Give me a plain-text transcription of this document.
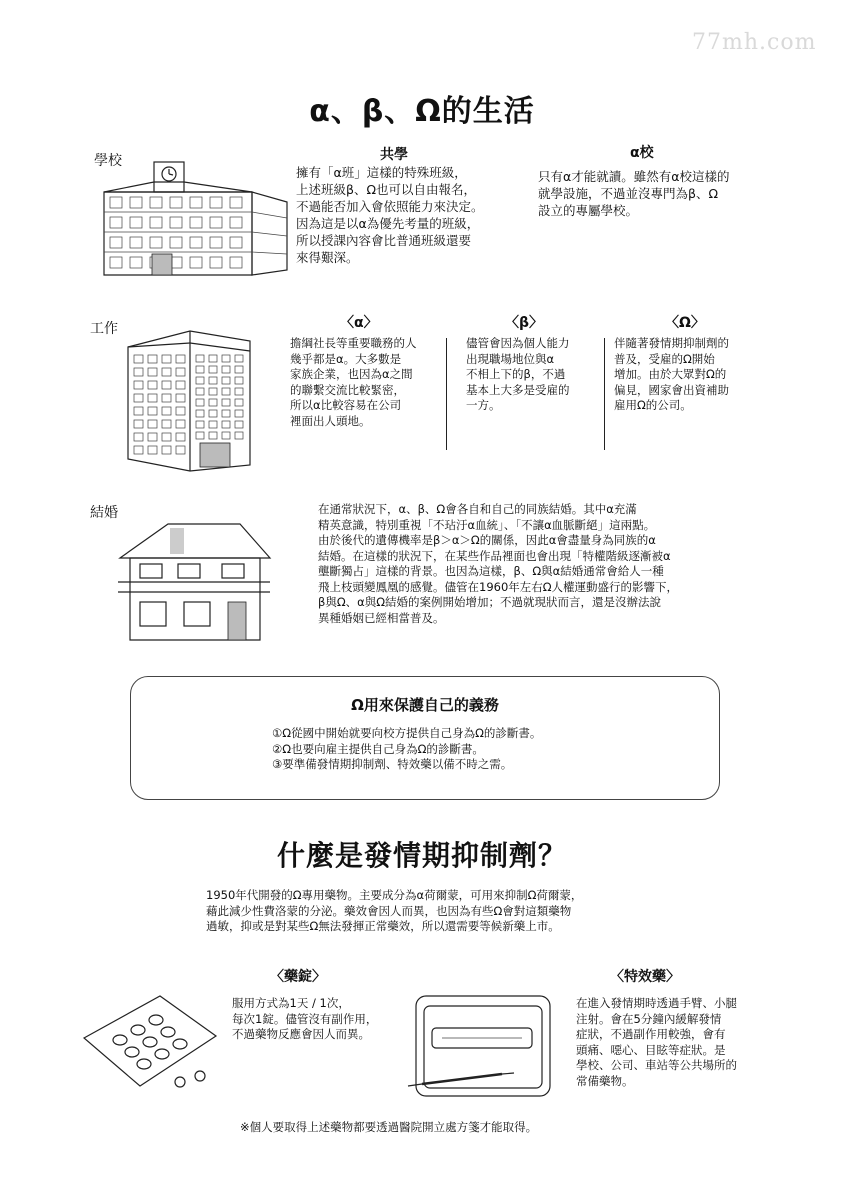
77mh.com
α、β、Ω的生活
學校	共學
擁有「α班」這樣的特殊班級，
上述班級β、Ω也可以自由報名，
不過能否加入會依照能力來決定。
因為這是以α為優先考量的班級，
所以授課內容會比普通班級還要
來得艱深。
α校
只有α才能就讀。雖然有α校這樣的
就學設施，不過並沒專門為β、Ω
設立的專屬學校。
工作	〈α〉
擔綱社長等重要職務的人
幾乎都是α。大多數是
家族企業，也因為α之間
的聯繫交流比較緊密，
所以α比較容易在公司
裡面出人頭地。
〈β〉
儘管會因為個人能力
出現職場地位與α
不相上下的β，不過
基本上大多是受雇的
一方。
〈Ω〉
伴隨著發情期抑制劑的
普及，受雇的Ω開始
增加。由於大眾對Ω的
偏見，國家會出資補助
雇用Ω的公司。
結婚	在通常狀況下，α、β、Ω會各自和自己的同族結婚。其中α充滿
精英意識，特別重視「不玷汙α血統」、「不讓α血脈斷絕」這兩點。
由於後代的遺傳機率是β＞α＞Ω的關係，因此α會盡量身為同族的α
結婚。在這樣的狀況下，在某些作品裡面也會出現「特權階級逐漸被α
壟斷獨占」這樣的背景。也因為這樣，β、Ω與α結婚通常會給人一種
飛上枝頭變鳳凰的感覺。儘管在1960年左右Ω人權運動盛行的影響下，
β與Ω、α與Ω結婚的案例開始增加；不過就現狀而言，還是沒辦法說
異種婚姻已經相當普及。
Ω用來保護自己的義務
①Ω從國中開始就要向校方提供自己身為Ω的診斷書。
②Ω也要向雇主提供自己身為Ω的診斷書。
③要準備發情期抑制劑、特效藥以備不時之需。
什麼是發情期抑制劑？
1950年代開發的Ω專用藥物。主要成分為α荷爾蒙，可用來抑制Ω荷爾蒙，
藉此減少性費洛蒙的分泌。藥效會因人而異，也因為有些Ω會對這類藥物
過敏，抑或是對某些Ω無法發揮正常藥效，所以還需要等候新藥上市。
〈藥錠〉
服用方式為1天 / 1次，
每次1錠。儘管沒有副作用，
不過藥物反應會因人而異。
〈特效藥〉
在進入發情期時透過手臂、小腿
注射。會在5分鐘內緩解發情
症狀，不過副作用較強，會有
頭痛、噁心、目眩等症狀。是
學校、公司、車站等公共場所的
常備藥物。
※個人要取得上述藥物都要透過醫院開立處方箋才能取得。
